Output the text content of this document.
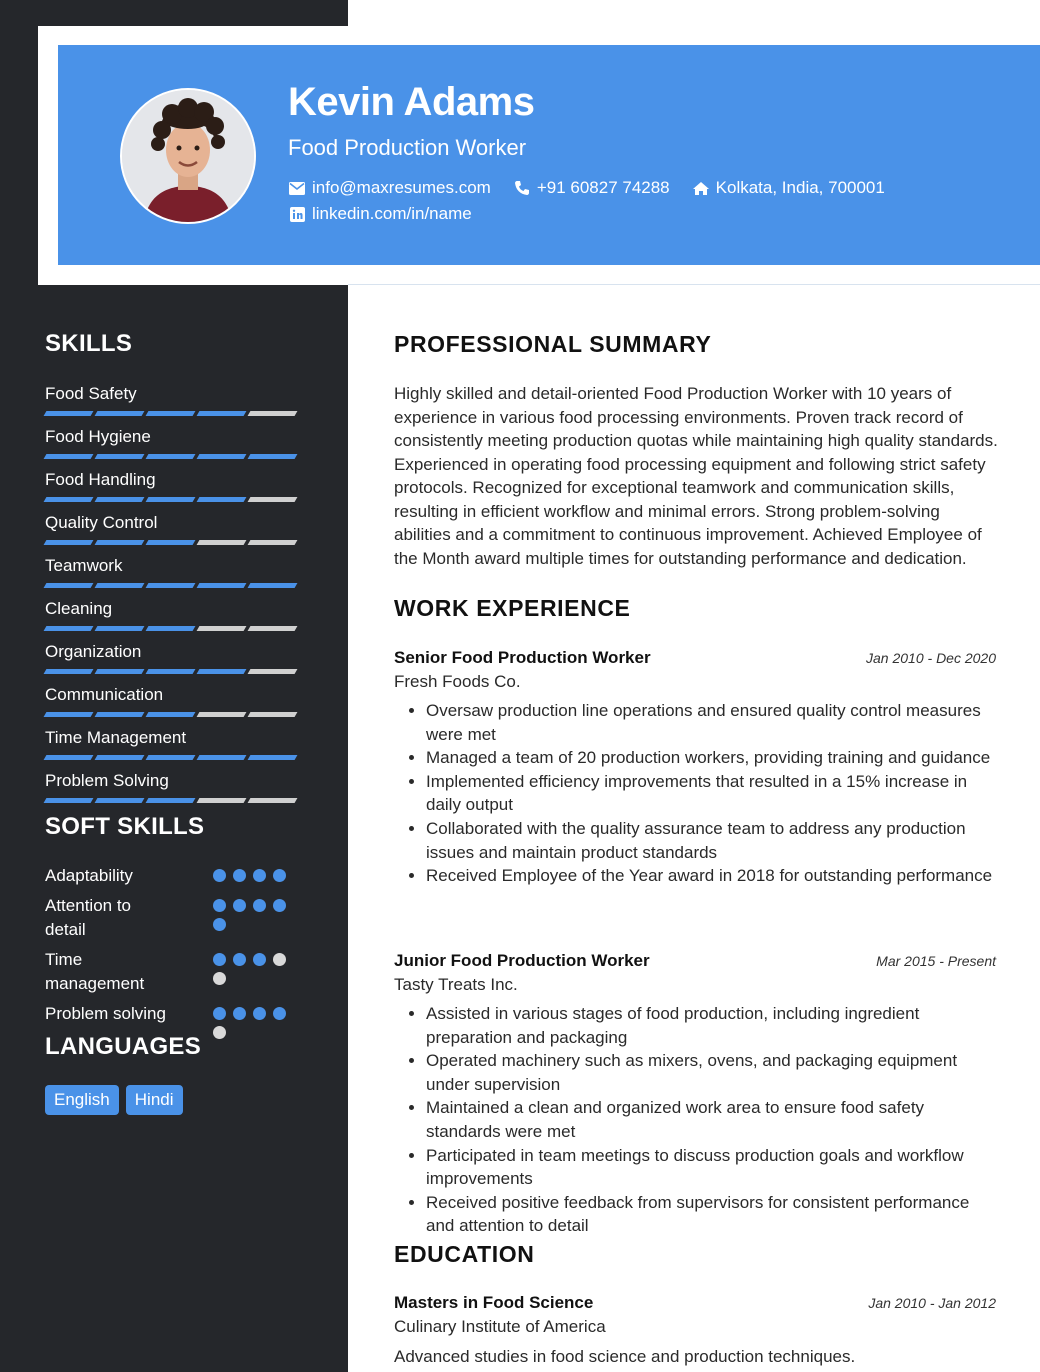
Kevin Adams
Food Production Worker
info@maxresumes.com	+91 60827 74288	Kolkata, India, 700001
linkedin.com/in/name
SKILLS
Food Safety
Food Hygiene
Food Handling
Quality Control
Teamwork
Cleaning
Organization
Communication
Time Management
Problem Solving
SOFT SKILLS
Adaptability
Attention to detail
Time management
Problem solving
LANGUAGES
English	Hindi
PROFESSIONAL SUMMARY
Highly skilled and detail-oriented Food Production Worker with 10 years of experience in various food processing environments. Proven track record of consistently meeting production quotas while maintaining high quality standards. Experienced in operating food processing equipment and following strict safety protocols. Recognized for exceptional teamwork and communication skills, resulting in efficient workflow and minimal errors. Strong problem-solving abilities and a commitment to continuous improvement. Achieved Employee of the Month award multiple times for outstanding performance and dedication.
WORK EXPERIENCE
Senior Food Production Worker	Jan 2010 - Dec 2020
Fresh Foods Co.
• Oversaw production line operations and ensured quality control measures were met
• Managed a team of 20 production workers, providing training and guidance
• Implemented efficiency improvements that resulted in a 15% increase in daily output
• Collaborated with the quality assurance team to address any production issues and maintain product standards
• Received Employee of the Year award in 2018 for outstanding performance
Junior Food Production Worker	Mar 2015 - Present
Tasty Treats Inc.
• Assisted in various stages of food production, including ingredient preparation and packaging
• Operated machinery such as mixers, ovens, and packaging equipment under supervision
• Maintained a clean and organized work area to ensure food safety standards were met
• Participated in team meetings to discuss production goals and workflow improvements
• Received positive feedback from supervisors for consistent performance and attention to detail
EDUCATION
Masters in Food Science	Jan 2010 - Jan 2012
Culinary Institute of America
Advanced studies in food science and production techniques.
